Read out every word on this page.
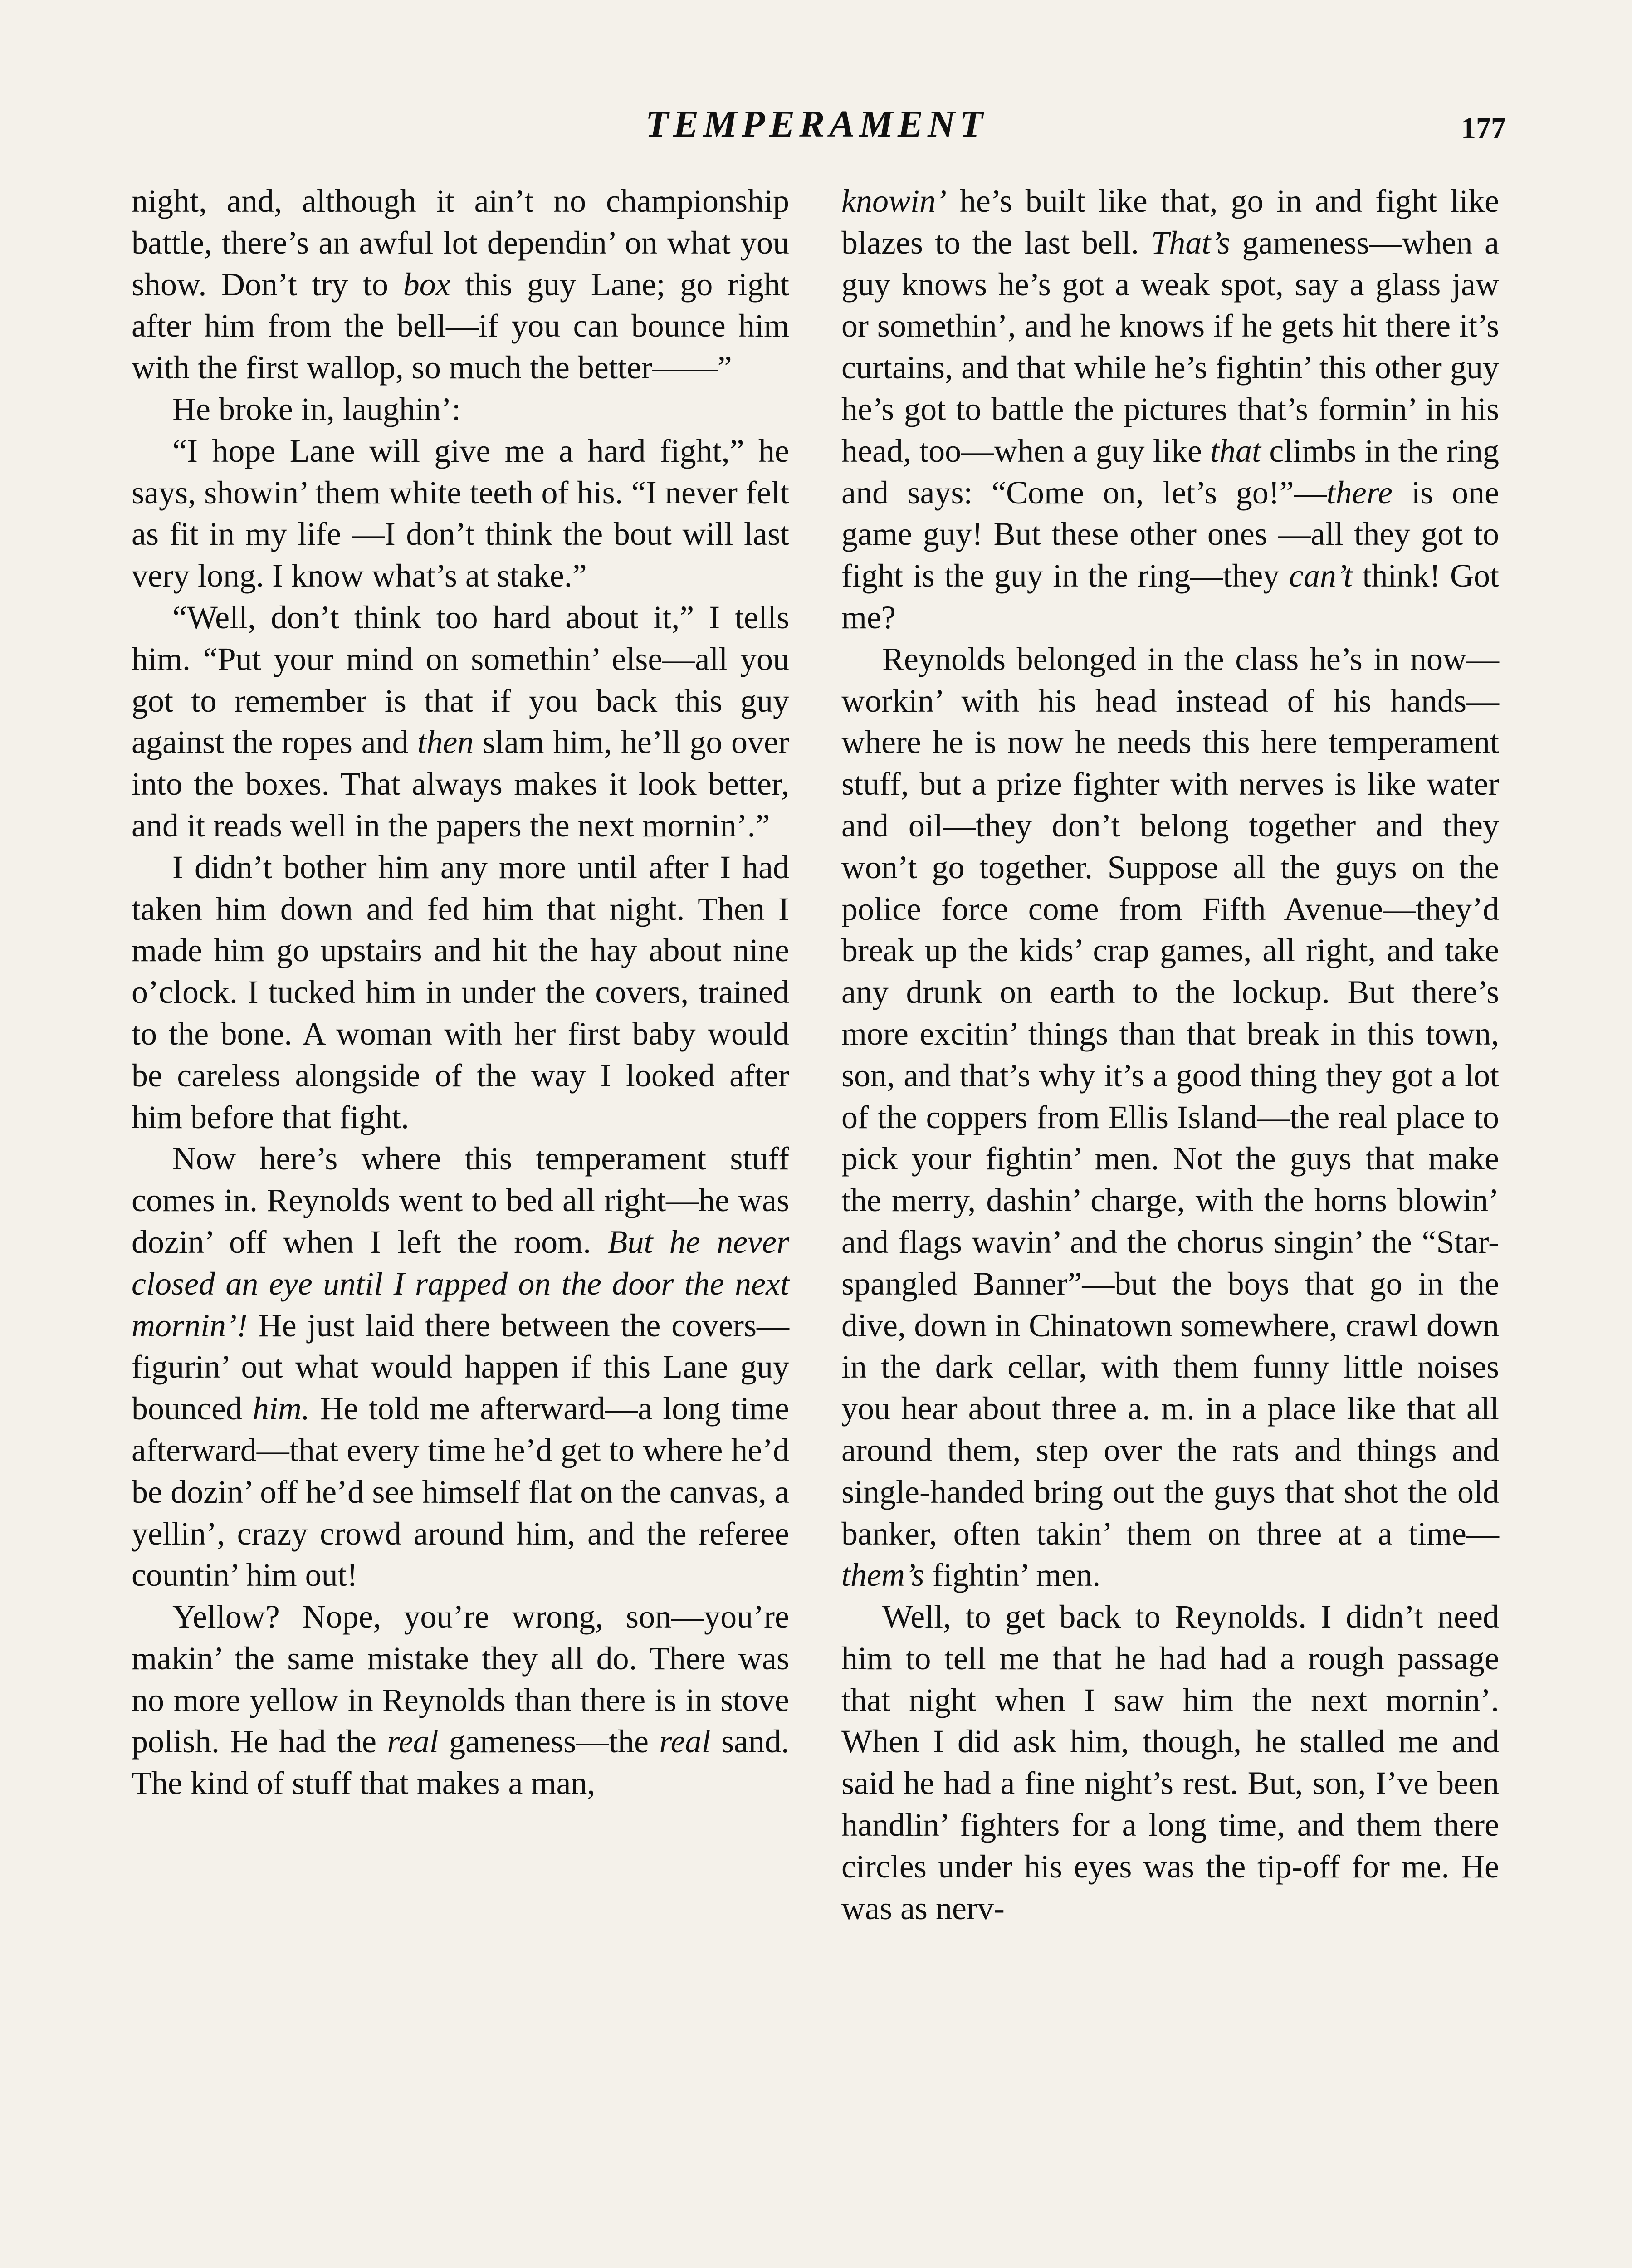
TEMPERAMENT	177

night, and, although it ain’t no championship battle, there’s an awful lot dependin’ on what you show. Don’t try to box this guy Lane; go right after him from the bell—if you can bounce him with the first wallop, so much the better——”

He broke in, laughin’:

“I hope Lane will give me a hard fight,” he says, showin’ them white teeth of his. “I never felt as fit in my life —I don’t think the bout will last very long. I know what’s at stake.”

“Well, don’t think too hard about it,” I tells him. “Put your mind on somethin’ else—all you got to remember is that if you back this guy against the ropes and then slam him, he’ll go over into the boxes. That always makes it look better, and it reads well in the papers the next mornin’.”

I didn’t bother him any more until after I had taken him down and fed him that night. Then I made him go upstairs and hit the hay about nine o’clock. I tucked him in under the covers, trained to the bone. A woman with her first baby would be careless alongside of the way I looked after him before that fight.

Now here’s where this temperament stuff comes in. Reynolds went to bed all right—he was dozin’ off when I left the room. But he never closed an eye until I rapped on the door the next mornin’! He just laid there between the covers—figurin’ out what would happen if this Lane guy bounced him. He told me afterward—a long time afterward—that every time he’d get to where he’d be dozin’ off he’d see himself flat on the canvas, a yellin’, crazy crowd around him, and the referee countin’ him out!

Yellow? Nope, you’re wrong, son—you’re makin’ the same mistake they all do. There was no more yellow in Reynolds than there is in stove polish. He had the real gameness—the real sand. The kind of stuff that makes a man,

knowin’ he’s built like that, go in and fight like blazes to the last bell. That’s gameness—when a guy knows he’s got a weak spot, say a glass jaw or somethin’, and he knows if he gets hit there it’s curtains, and that while he’s fightin’ this other guy he’s got to battle the pictures that’s formin’ in his head, too—when a guy like that climbs in the ring and says: “Come on, let’s go!”—there is one game guy! But these other ones —all they got to fight is the guy in the ring—they can’t think! Got me?

Reynolds belonged in the class he’s in now—workin’ with his head instead of his hands—where he is now he needs this here temperament stuff, but a prize fighter with nerves is like water and oil—they don’t belong together and they won’t go together. Suppose all the guys on the police force come from Fifth Avenue—they’d break up the kids’ crap games, all right, and take any drunk on earth to the lockup. But there’s more excitin’ things than that break in this town, son, and that’s why it’s a good thing they got a lot of the coppers from Ellis Island—the real place to pick your fightin’ men. Not the guys that make the merry, dashin’ charge, with the horns blowin’ and flags wavin’ and the chorus singin’ the “Star-spangled Banner”—but the boys that go in the dive, down in Chinatown somewhere, crawl down in the dark cellar, with them funny little noises you hear about three a. m. in a place like that all around them, step over the rats and things and single-handed bring out the guys that shot the old banker, often takin’ them on three at a time—them’s fightin’ men.

Well, to get back to Reynolds. I didn’t need him to tell me that he had had a rough passage that night when I saw him the next mornin’. When I did ask him, though, he stalled me and said he had a fine night’s rest. But, son, I’ve been handlin’ fighters for a long time, and them there circles under his eyes was the tip-off for me. He was as nerv-
